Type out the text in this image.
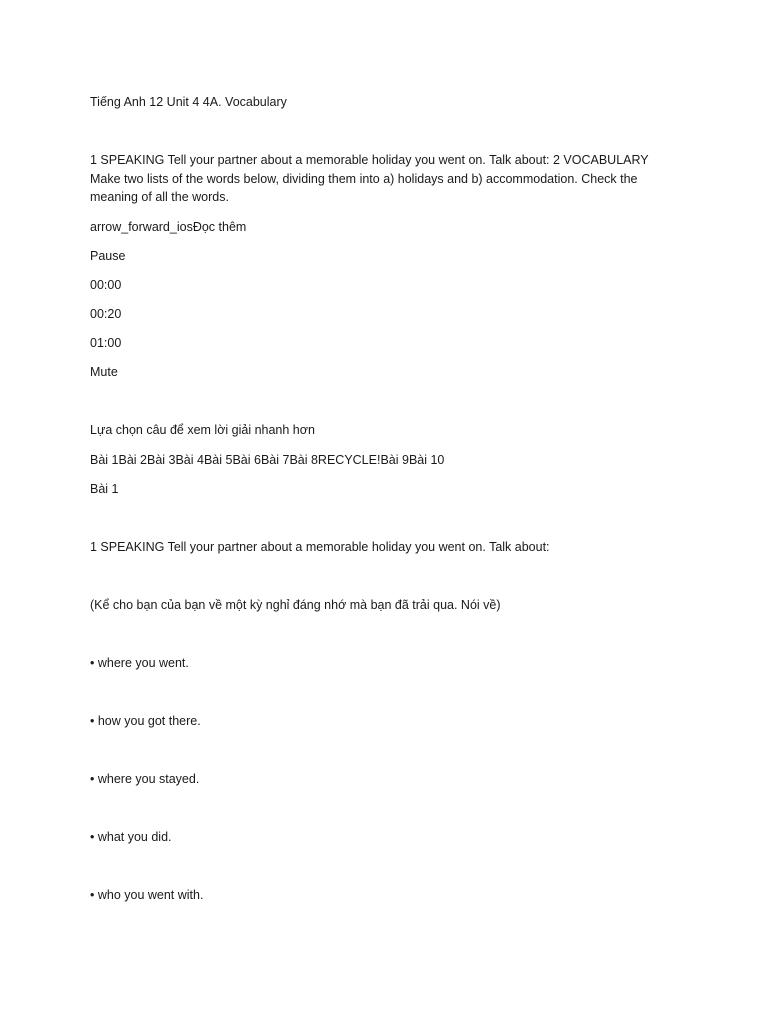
Tiếng Anh 12 Unit 4 4A. Vocabulary
1 SPEAKING Tell your partner about a memorable holiday you went on. Talk about: 2 VOCABULARY Make two lists of the words below, dividing them into a) holidays and b) accommodation. Check the meaning of all the words.
arrow_forward_iosĐọc thêm
Pause
00:00
00:20
01:00
Mute
Lựa chọn câu để xem lời giải nhanh hơn
Bài 1Bài 2Bài 3Bài 4Bài 5Bài 6Bài 7Bài 8RECYCLE!Bài 9Bài 10
Bài 1
1 SPEAKING Tell your partner about a memorable holiday you went on. Talk about:
(Kể cho bạn của bạn về một kỳ nghỉ đáng nhớ mà bạn đã trải qua. Nói về)
• where you went.
• how you got there.
• where you stayed.
• what you did.
• who you went with.
